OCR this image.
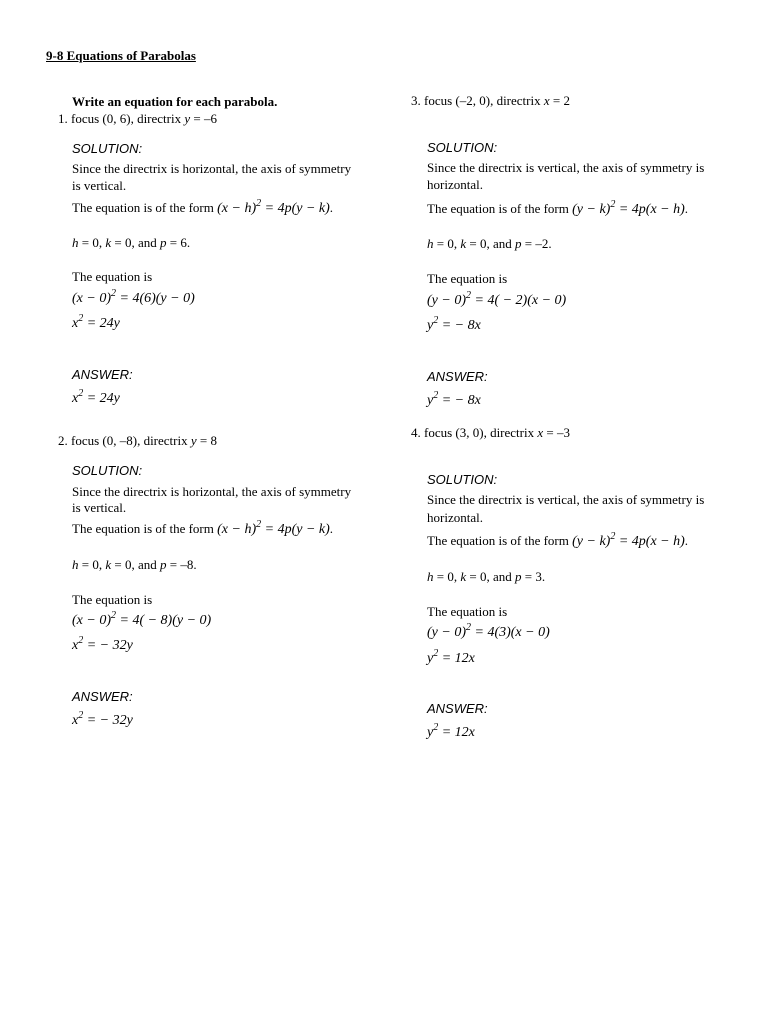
9-8 Equations of Parabolas
Write an equation for each parabola.
1. focus (0, 6), directrix y = –6
SOLUTION:
Since the directrix is horizontal, the axis of symmetry
is vertical.
The equation is of the form $(x - h)^2 = 4p(y - k)$.
h = 0, k = 0, and p = 6.
The equation is
$(x - 0)^2 = 4(6)(y - 0)$
$x^2 = 24y$
ANSWER:
$x^2 = 24y$
2. focus (0, –8), directrix y = 8
SOLUTION:
Since the directrix is horizontal, the axis of symmetry
is vertical.
The equation is of the form $(x - h)^2 = 4p(y - k)$.
h = 0, k = 0, and p = –8.
The equation is
$(x - 0)^2 = 4( - 8)(y - 0)$
$x^2$ = − 32y
ANSWER:
$x^2$ = − 32y
3. focus (–2, 0), directrix x = 2
SOLUTION:
Since the directrix is vertical, the axis of symmetry is
horizontal.
The equation is of the form $(y - k)^2 = 4p(x - h)$.
h = 0, k = 0, and p = –2.
The equation is
$(y - 0)^2 = 4( - 2)(x - 0)$
$y^2$ = − 8x
ANSWER:
$y^2$ = − 8x
4. focus (3, 0), directrix x = –3
SOLUTION:
Since the directrix is vertical, the axis of symmetry is
horizontal.
The equation is of the form $(y - k)^2 = 4p(x - h)$.
h = 0, k = 0, and p = 3.
The equation is
$(y - 0)^2 = 4(3)(x - 0)$
$y^2 = 12x$
ANSWER:
$y^2 = 12x$
